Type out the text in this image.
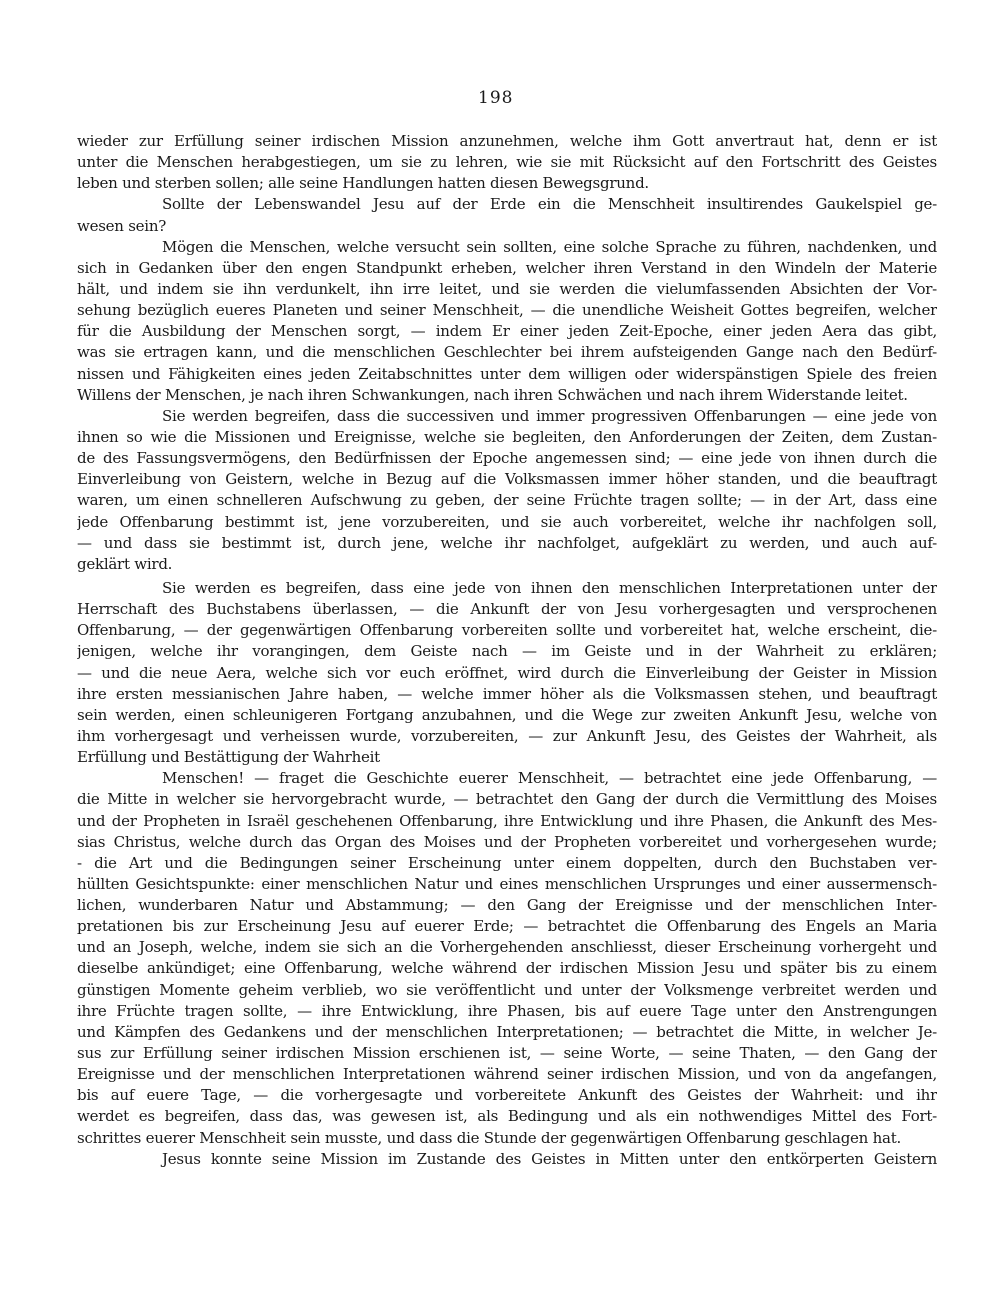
198
wieder zur Erfüllung seiner irdischen Mission anzunehmen, welche ihm Gott anvertraut hat, denn er ist
unter die Menschen herabgestiegen, um sie zu lehren, wie sie mit Rücksicht auf den Fortschritt des Geistes
leben und sterben sollen; alle seine Handlungen hatten diesen Bewegsgrund.
Sollte der Lebenswandel Jesu auf der Erde ein die Menschheit insultirendes Gaukelspiel ge-
wesen sein?
Mögen die Menschen, welche versucht sein sollten, eine solche Sprache zu führen, nachdenken, und
sich in Gedanken über den engen Standpunkt erheben, welcher ihren Verstand in den Windeln der Materie
hält, und indem sie ihn verdunkelt, ihn irre leitet, und sie werden die vielumfassenden Absichten der Vor-
sehung bezüglich eueres Planeten und seiner Menschheit, — die unendliche Weisheit Gottes begreifen, welcher
für die Ausbildung der Menschen sorgt, — indem Er einer jeden Zeit-Epoche, einer jeden Aera das gibt,
was sie ertragen kann, und die menschlichen Geschlechter bei ihrem aufsteigenden Gange nach den Bedürf-
nissen und Fähigkeiten eines jeden Zeitabschnittes unter dem willigen oder widerspänstigen Spiele des freien
Willens der Menschen, je nach ihren Schwankungen, nach ihren Schwächen und nach ihrem Widerstande leitet.
Sie werden begreifen, dass die successiven und immer progressiven Offenbarungen — eine jede von
ihnen so wie die Missionen und Ereignisse, welche sie begleiten, den Anforderungen der Zeiten, dem Zustan-
de des Fassungsvermögens, den Bedürfnissen der Epoche angemessen sind; — eine jede von ihnen durch die
Einverleibung von Geistern, welche in Bezug auf die Volksmassen immer höher standen, und die beauftragt
waren, um einen schnelleren Aufschwung zu geben, der seine Früchte tragen sollte; — in der Art, dass eine
jede Offenbarung bestimmt ist, jene vorzubereiten, und sie auch vorbereitet, welche ihr nachfolgen soll,
— und dass sie bestimmt ist, durch jene, welche ihr nachfolget, aufgeklärt zu werden, und auch auf-
geklärt wird.
Sie werden es begreifen, dass eine jede von ihnen den menschlichen Interpretationen unter der
Herrschaft des Buchstabens überlassen, — die Ankunft der von Jesu vorhergesagten und versprochenen
Offenbarung, — der gegenwärtigen Offenbarung vorbereiten sollte und vorbereitet hat, welche erscheint, die-
jenigen, welche ihr vorangingen, dem Geiste nach — im Geiste und in der Wahrheit zu erklären;
— und die neue Aera, welche sich vor euch eröffnet, wird durch die Einverleibung der Geister in Mission
ihre ersten messianischen Jahre haben, — welche immer höher als die Volksmassen stehen, und beauftragt
sein werden, einen schleunigeren Fortgang anzubahnen, und die Wege zur zweiten Ankunft Jesu, welche von
ihm vorhergesagt und verheissen wurde, vorzubereiten, — zur Ankunft Jesu, des Geistes der Wahrheit, als
Erfüllung und Bestättigung der Wahrheit
Menschen! — fraget die Geschichte euerer Menschheit, — betrachtet eine jede Offenbarung, —
die Mitte in welcher sie hervorgebracht wurde, — betrachtet den Gang der durch die Vermittlung des Moises
und der Propheten in Israël geschehenen Offenbarung, ihre Entwicklung und ihre Phasen, die Ankunft des Mes-
sias Christus, welche durch das Organ des Moises und der Propheten vorbereitet und vorhergesehen wurde;
- die Art und die Bedingungen seiner Erscheinung unter einem doppelten, durch den Buchstaben ver-
hüllten Gesichtspunkte: einer menschlichen Natur und eines menschlichen Ursprunges und einer aussermensch-
lichen, wunderbaren Natur und Abstammung; — den Gang der Ereignisse und der menschlichen Inter-
pretationen bis zur Erscheinung Jesu auf euerer Erde; — betrachtet die Offenbarung des Engels an Maria
und an Joseph, welche, indem sie sich an die Vorhergehenden anschliesst, dieser Erscheinung vorhergeht und
dieselbe ankündiget; eine Offenbarung, welche während der irdischen Mission Jesu und später bis zu einem
günstigen Momente geheim verblieb, wo sie veröffentlicht und unter der Volksmenge verbreitet werden und
ihre Früchte tragen sollte, — ihre Entwicklung, ihre Phasen, bis auf euere Tage unter den Anstrengungen
und Kämpfen des Gedankens und der menschlichen Interpretationen; — betrachtet die Mitte, in welcher Je-
sus zur Erfüllung seiner irdischen Mission erschienen ist, — seine Worte, — seine Thaten, — den Gang der
Ereignisse und der menschlichen Interpretationen während seiner irdischen Mission, und von da angefangen,
bis auf euere Tage, — die vorhergesagte und vorbereitete Ankunft des Geistes der Wahrheit: und ihr
werdet es begreifen, dass das, was gewesen ist, als Bedingung und als ein nothwendiges Mittel des Fort-
schrittes euerer Menschheit sein musste, und dass die Stunde der gegenwärtigen Offenbarung geschlagen hat.
Jesus konnte seine Mission im Zustande des Geistes in Mitten unter den entkörperten Geistern
